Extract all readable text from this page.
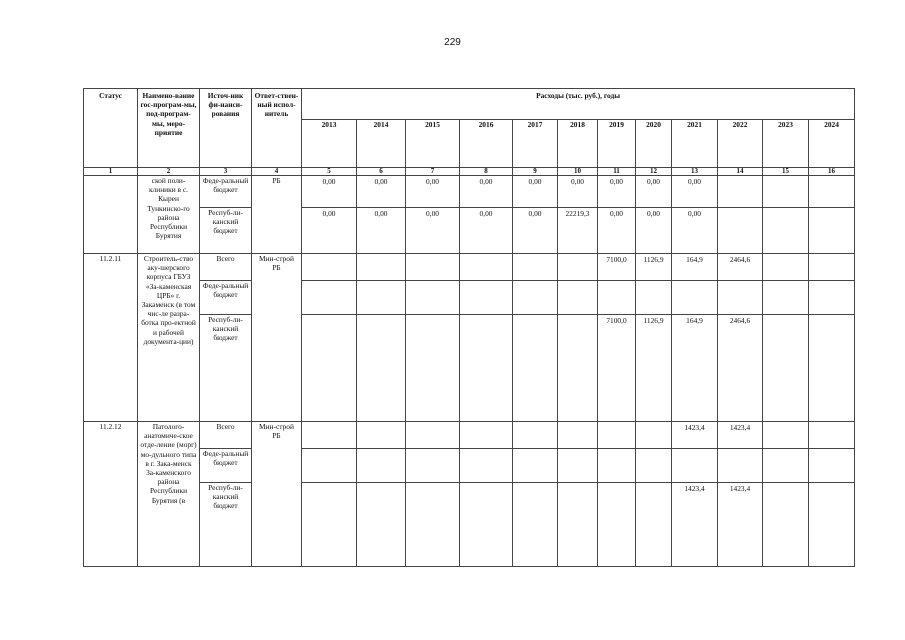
229
Статус	Наимено-вание гос-програм-мы, под-програм-мы, меро-приятие	Источ-ник фи-нанси-рования	Ответ-ствен-ный испол-нитель	Расходы (тыс. руб.), годы											
				2013	2014	2015	2016	2017	2018	2019	2020	2021	2022	2023	2024
1	2	3	4	5	6	7	8	9	10	11	12	13	14	15	16
	ской поли-клиники в с. Кырен Тункинско-го района Республики Бурятия	Феде-ральный бюджет	РБ	0,00	0,00	0,00	0,00	0,00	0,00	0,00	0,00	0,00			
		Респуб-ли-канский бюджет		0,00	0,00	0,00	0,00	0,00	22219,3	0,00	0,00	0,00			
11.2.11	Строитель-ство аку-шерского корпуса ГБУЗ «За-каменская ЦРБ» г. Закаменск (в том чис-ле разра-ботка про-ектной и рабочей документа-ции)	Всего	Мин-строй РБ							7100,0	1126,9	164,9	2464,6		
		Феде-ральный бюджет													
		Респуб-ли-канский бюджет								7100,0	1126,9	164,9	2464,6		
11.2.12	Патолого-анатомиче-ское отде-ление (морг) мо-дульного типа в г. Зака-менск За-каменского района Республики Бурятия (в	Всего	Мин-строй РБ									1423,4	1423,4		
		Феде-ральный бюджет													
		Респуб-ли-канский бюджет										1423,4	1423,4		
